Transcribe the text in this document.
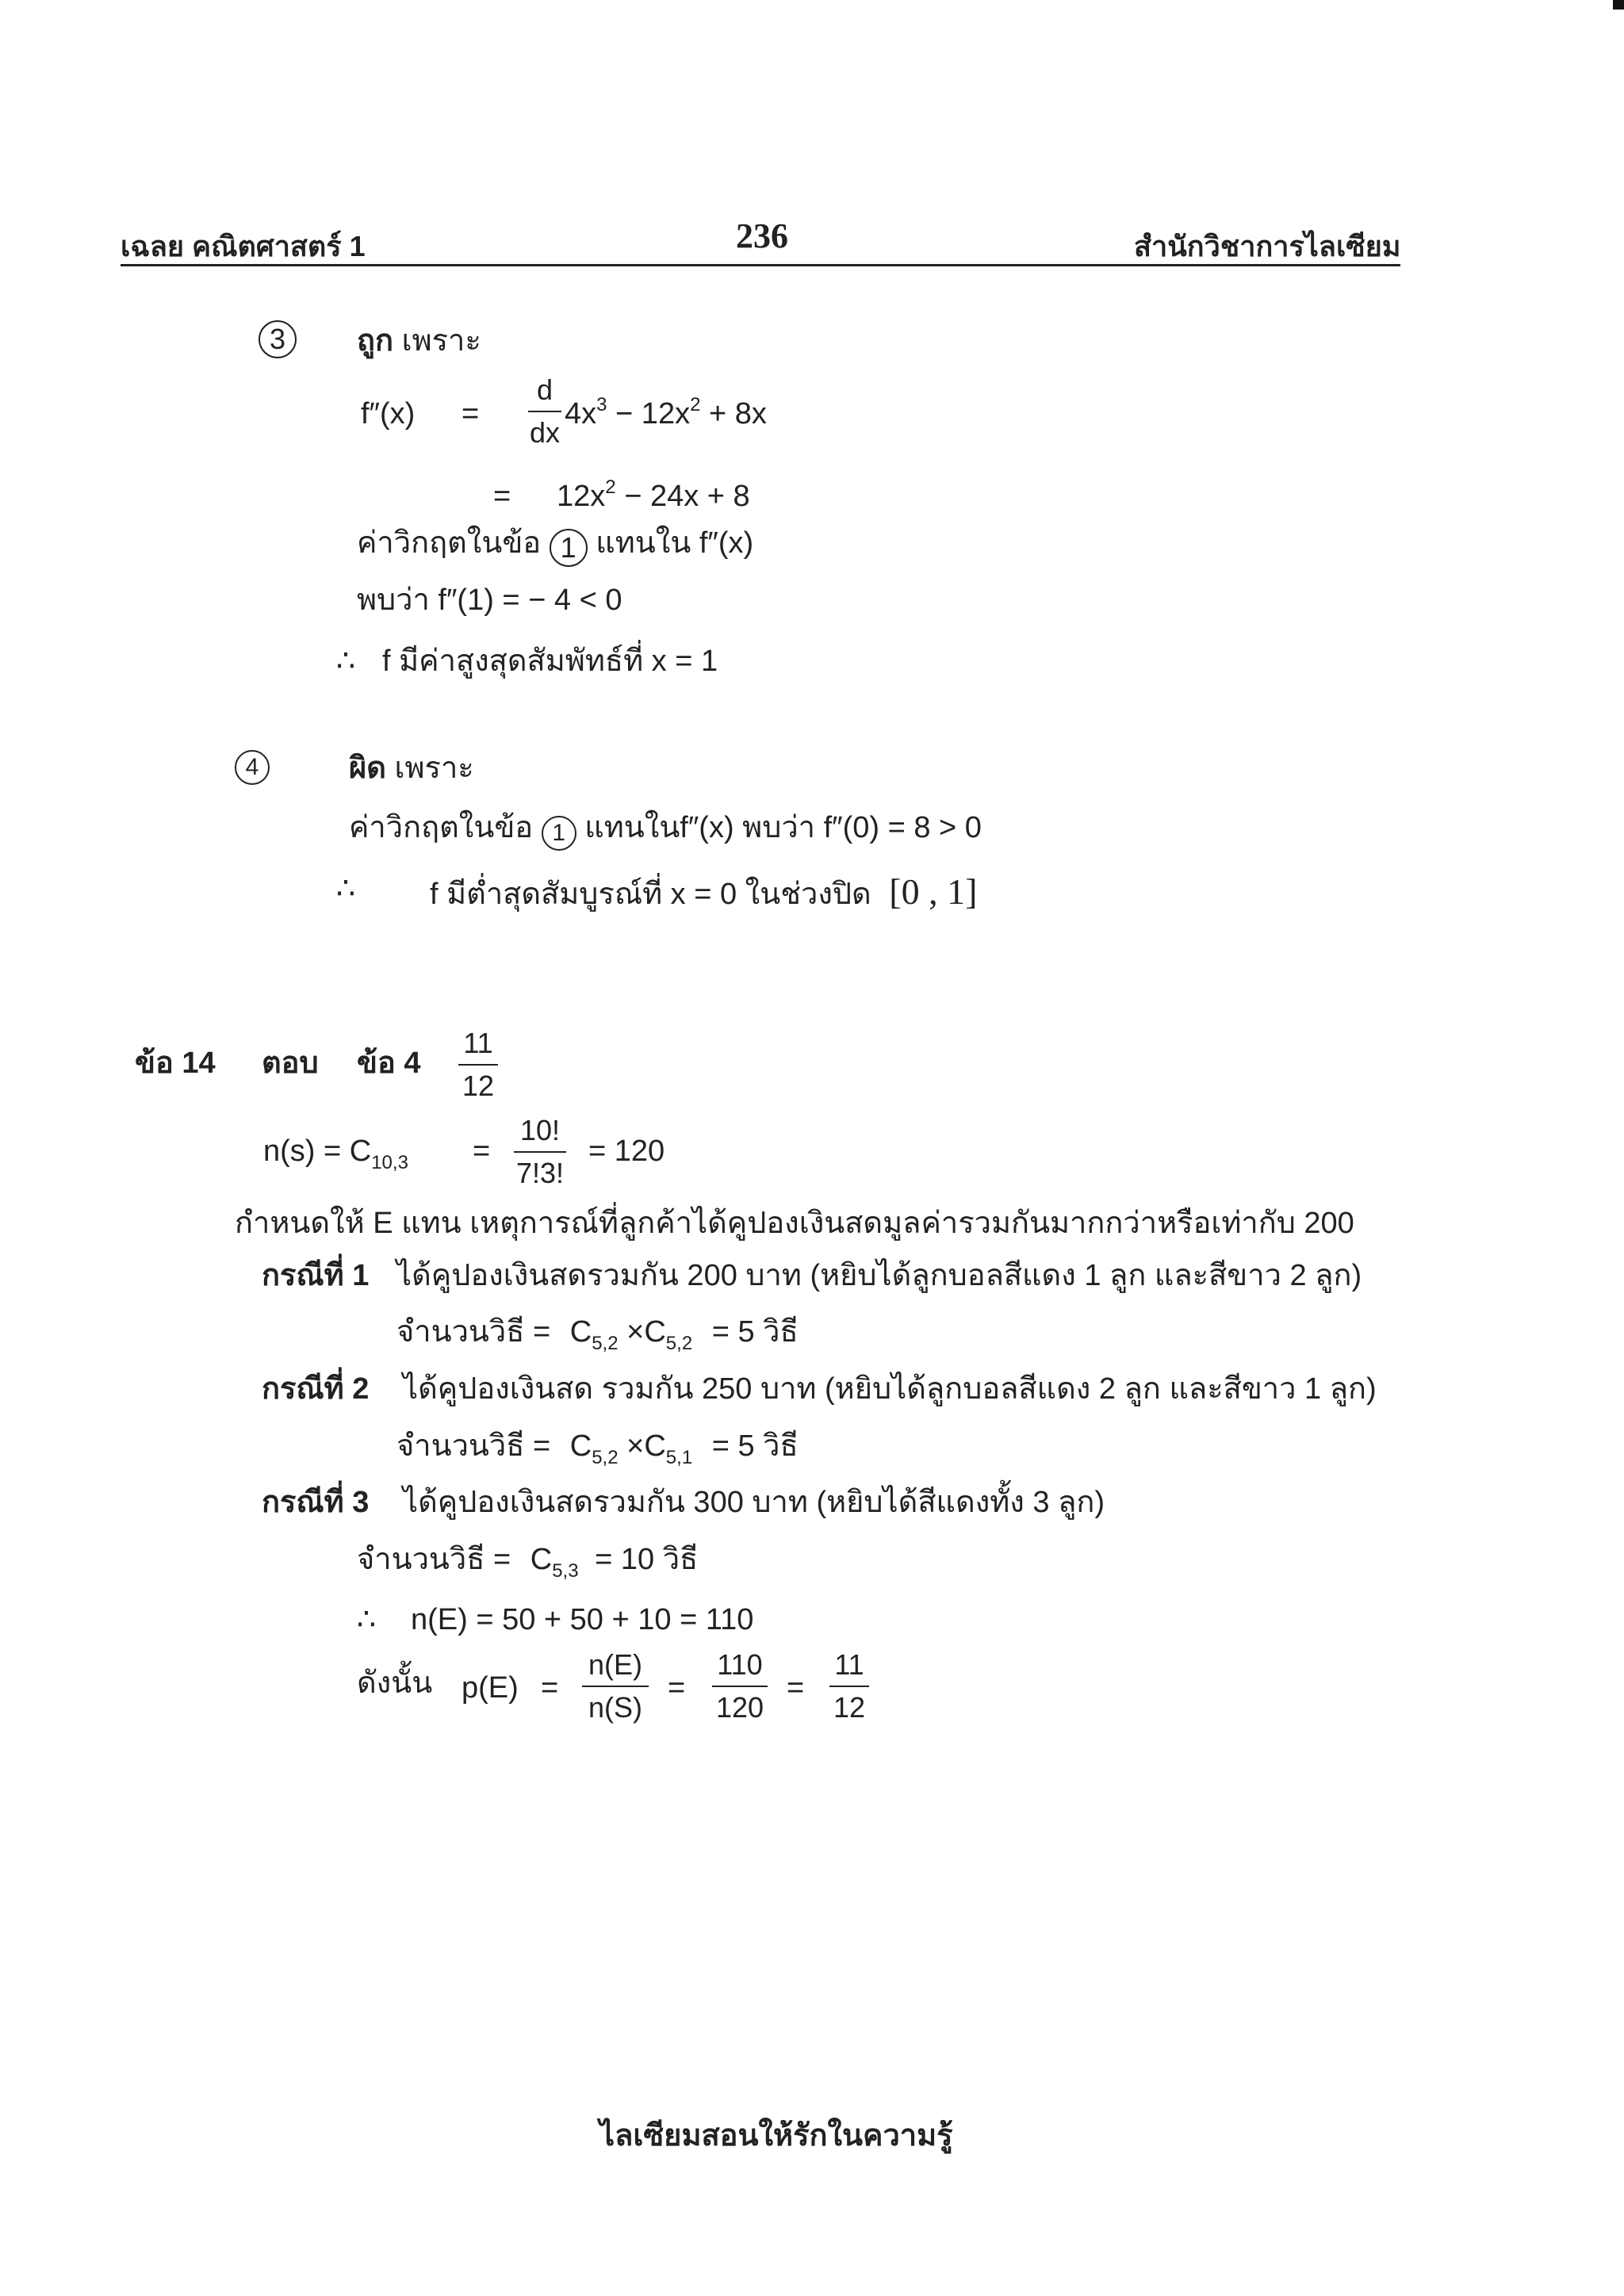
เฉลย คณิตศาสตร์ 1	236	สำนักวิชาการไลเซียม
3	ถูก เพราะ
f″(x) =
d
dx
$4x^3 - 12x^2 + 8x$
= $12x^2 - 24x + 8$
ค่าวิกฤตในข้อ 1 แทนใน f″(x)
พบว่า f″(1) = − 4 < 0
∴ f มีค่าสูงสุดสัมพัทธ์ที่ x = 1
4	ผิด เพราะ
ค่าวิกฤตในข้อ 1 แทนในf″(x) พบว่า f″(0) = 8 > 0
∴ f มีต่ำสุดสัมบูรณ์ที่ x = 0 ในช่วงปิด [0 , 1]
ข้อ 14 ตอบ ข้อ 4
11
12
$n(s) = C_{10,3}$ =
10!
7!3!
= 120
กำหนดให้ E แทน เหตุการณ์ที่ลูกค้าได้คูปองเงินสดมูลค่ารวมกันมากกว่าหรือเท่ากับ 200
กรณีที่ 1 ได้คูปองเงินสดรวมกัน 200 บาท (หยิบได้ลูกบอลสีแดง 1 ลูก และสีขาว 2 ลูก)
จำนวนวิธี = $C_{5,2} \times C_{5,2} = 5$ วิธี
กรณีที่ 2 ได้คูปองเงินสด รวมกัน 250 บาท (หยิบได้ลูกบอลสีแดง 2 ลูก และสีขาว 1 ลูก)
จำนวนวิธี = $C_{5,2} \times C_{5,1} = 5$ วิธี
กรณีที่ 3 ได้คูปองเงินสดรวมกัน 300 บาท (หยิบได้สีแดงทั้ง 3 ลูก)
จำนวนวิธี = $C_{5,3} = 10$ วิธี
∴ n(E) = 50 + 50 + 10 = 110
ดังนั้น p(E) =
n(E)
n(S)
=
110
120
=
11
12
ไลเซียมสอนให้รักในความรู้
